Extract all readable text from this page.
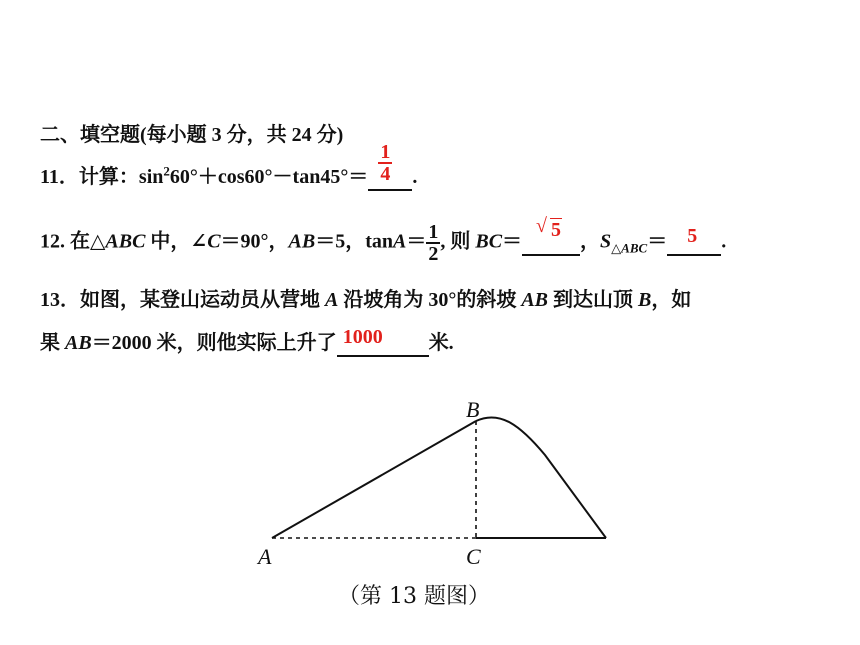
二、填空题(每小题 3 分，共 24 分)
11．计算：$\sin^260^\circ+\cos 60^\circ-\tan 45^\circ=$
1
4 .
12. 在△ABC 中，∠C＝90°，AB＝5，$\tan A= \frac{1}{2}$ , 则 BC＝
√ 5
，$S_{\triangle ABC}= 5$ .
13．如图，某登山运动员从营地 A 沿坡角为 30°的斜坡 AB 到达山顶 B，如
果 AB＝2000 米，则他实际上升了 1000 米.
B
A	C
（第 13 题图）
